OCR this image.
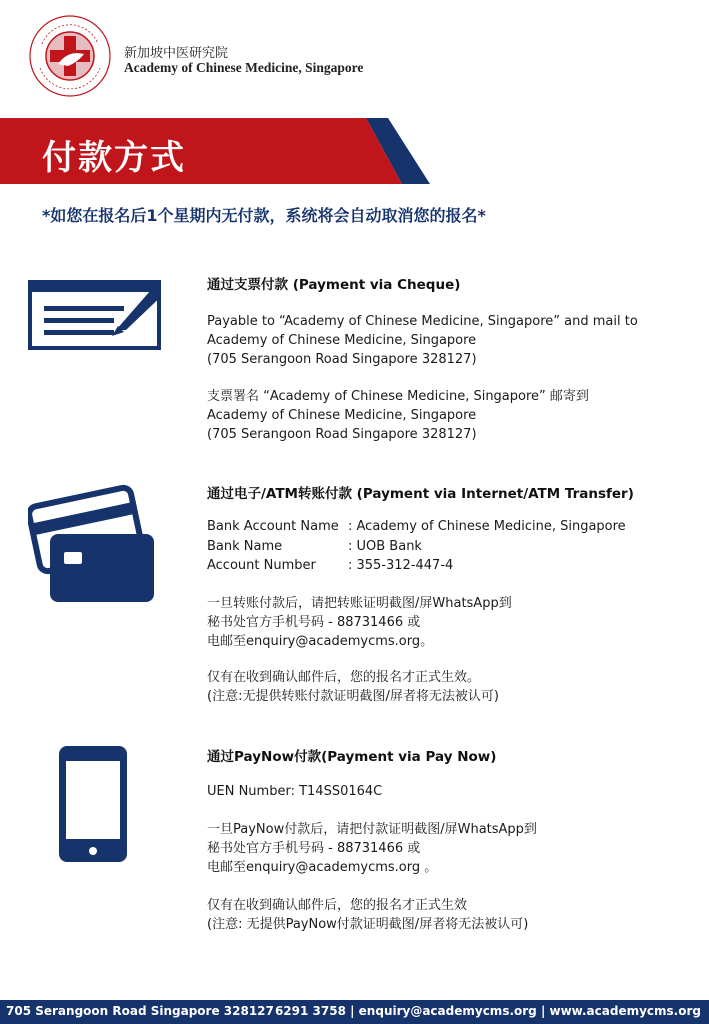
新加坡中医研究院
Academy of Chinese Medicine, Singapore
付款方式
*如您在报名后1个星期内无付款，系统将会自动取消您的报名*
通过支票付款 (Payment via Cheque)
Payable to “Academy of Chinese Medicine, Singapore” and mail to
Academy of Chinese Medicine, Singapore
(705 Serangoon Road Singapore 328127)
支票署名 “Academy of Chinese Medicine, Singapore” 邮寄到
Academy of Chinese Medicine, Singapore
(705 Serangoon Road Singapore 328127)
通过电子/ATM转账付款 (Payment via Internet/ATM Transfer)
Bank Account Name : Academy of Chinese Medicine, Singapore
Bank Name	: UOB Bank
Account Number	: 355-312-447-4
一旦转账付款后，请把转账证明截图/屏WhatsApp到
秘书处官方手机号码 - 88731466 或
电邮至enquiry@academycms.org。
仅有在收到确认邮件后，您的报名才正式生效。
(注意:无提供转账付款证明截图/屏者将无法被认可)
通过PayNow付款(Payment via Pay Now)
UEN Number: T14SS0164C
一旦PayNow付款后，请把付款证明截图/屏WhatsApp到
秘书处官方手机号码 - 88731466 或
电邮至enquiry@academycms.org 。
仅有在收到确认邮件后，您的报名才正式生效
(注意: 无提供PayNow付款证明截图/屏者将无法被认可)
705 Serangoon Road Singapore 328127 6291 3758 | enquiry@academycms.org | www.academycms.org
